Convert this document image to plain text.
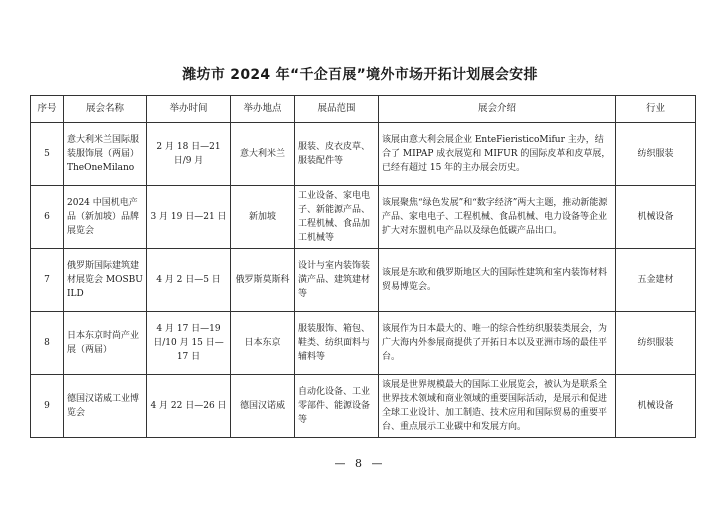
潍坊市 2024 年“千企百展”境外市场开拓计划展会安排
序号	展会名称	举办时间	举办地点	展品范围	展会介绍	行业
5	意大利米兰国际服装服饰展（两届）TheOneMilano	2 月 18 日—21 日/9 月	意大利米兰	服装、皮衣皮草、服装配件等	该展由意大利会展企业 EnteFieristicoMifur 主办，结合了 MIPAP 成衣展览和 MIFUR 的国际皮革和皮草展，已经有超过 15 年的主办展会历史。	纺织服装
6	2024 中国机电产品（新加坡）品牌展览会	3 月 19 日—21 日	新加坡	工业设备、家电电子、新能源产品、工程机械、食品加工机械等	该展聚焦“绿色发展”和“数字经济”两大主题，推动新能源产品、家电电子、工程机械、食品机械、电力设备等企业扩大对东盟机电产品以及绿色低碳产品出口。	机械设备
7	俄罗斯国际建筑建材展览会 MOSBUILD	4 月 2 日—5 日	俄罗斯莫斯科	设计与室内装饰装潢产品、建筑建材等	该展是东欧和俄罗斯地区大的国际性建筑和室内装饰材料贸易博览会。	五金建材
8	日本东京时尚产业展（两届）	4 月 17 日—19 日/10 月 15 日—17 日	日本东京	服装服饰、箱包、鞋类、纺织面料与辅料等	该展作为日本最大的、唯一的综合性纺织服装类展会，为广大海内外参展商提供了开拓日本以及亚洲市场的最佳平台。	纺织服装
9	德国汉诺威工业博览会	4 月 22 日—26 日	德国汉诺威	自动化设备、工业零部件、能源设备等	该展是世界规模最大的国际工业展览会，被认为是联系全世界技术领域和商业领域的重要国际活动，是展示和促进全球工业设计、加工制造、技术应用和国际贸易的重要平台、重点展示工业碳中和发展方向。	机械设备
— 8 —
